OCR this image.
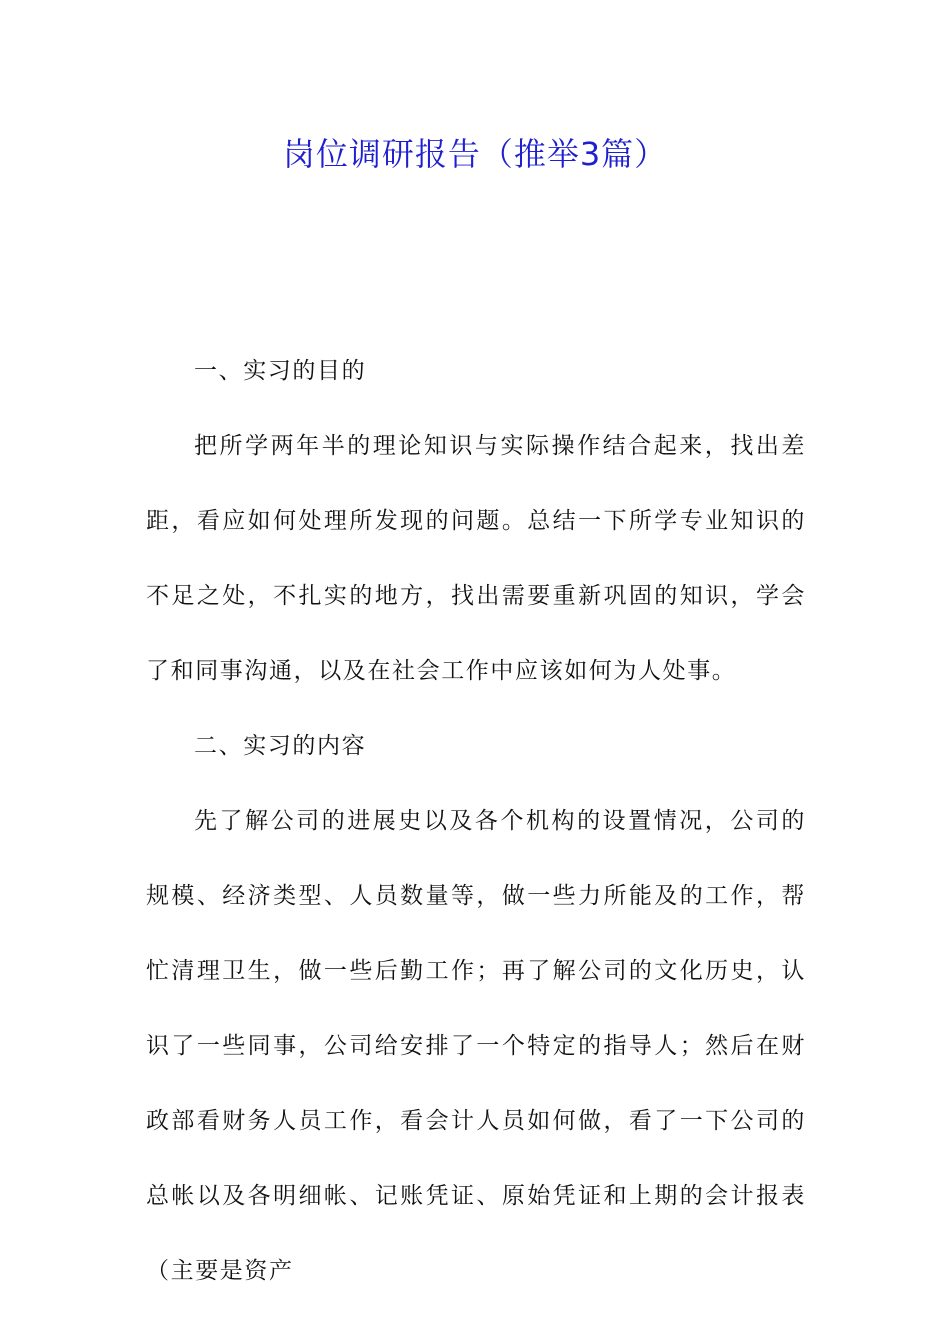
岗位调研报告（推举3篇）

一、实习的目的

把所学两年半的理论知识与实际操作结合起来，找出差距，看应如何处理所发现的问题。总结一下所学专业知识的不足之处，不扎实的地方，找出需要重新巩固的知识，学会了和同事沟通，以及在社会工作中应该如何为人处事。

二、实习的内容

先了解公司的进展史以及各个机构的设置情况，公司的规模、经济类型、人员数量等，做一些力所能及的工作，帮忙清理卫生，做一些后勤工作；再了解公司的文化历史，认识了一些同事，公司给安排了一个特定的指导人；然后在财政部看财务人员工作，看会计人员如何做，看了一下公司的总帐以及各明细帐、记账凭证、原始凭证和上期的会计报表（主要是资产
